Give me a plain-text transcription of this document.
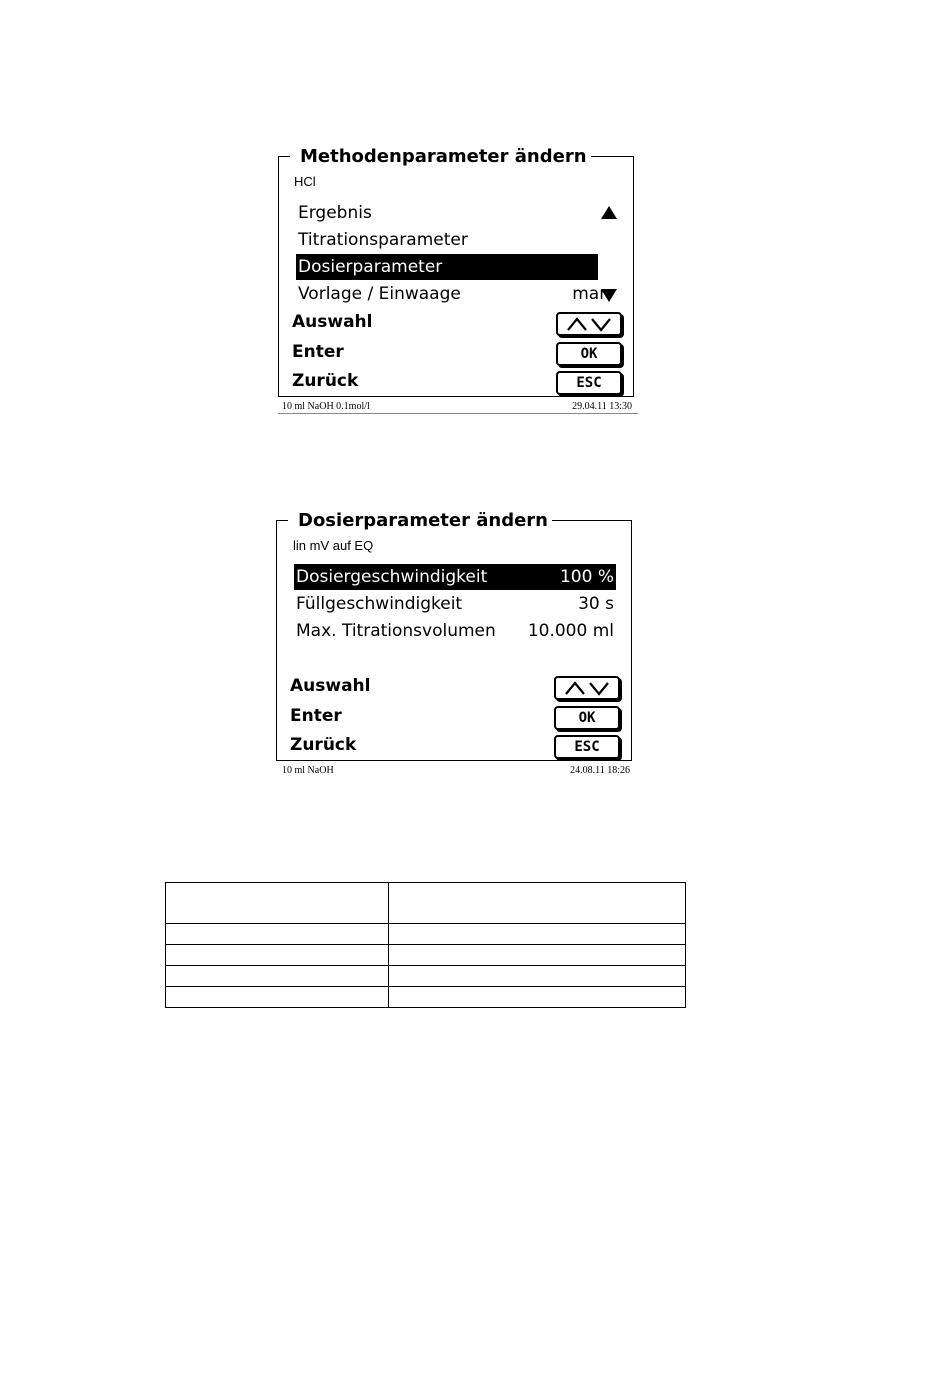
Methodenparameter ändern
HCl
Ergebnis
Titrationsparameter
Dosierparameter
Vorlage / Einwaage	man
Auswahl
Enter	OK
Zurück	ESC
10 ml NaOH 0.1mol/l	29.04.11 13:30
Dosierparameter ändern
lin mV auf EQ
Dosiergeschwindigkeit	100 %
Füllgeschwindigkeit	30 s
Max. Titrationsvolumen 10.000 ml
Auswahl
Enter	OK
Zurück	ESC
10 ml NaOH	24.08.11 18:26
